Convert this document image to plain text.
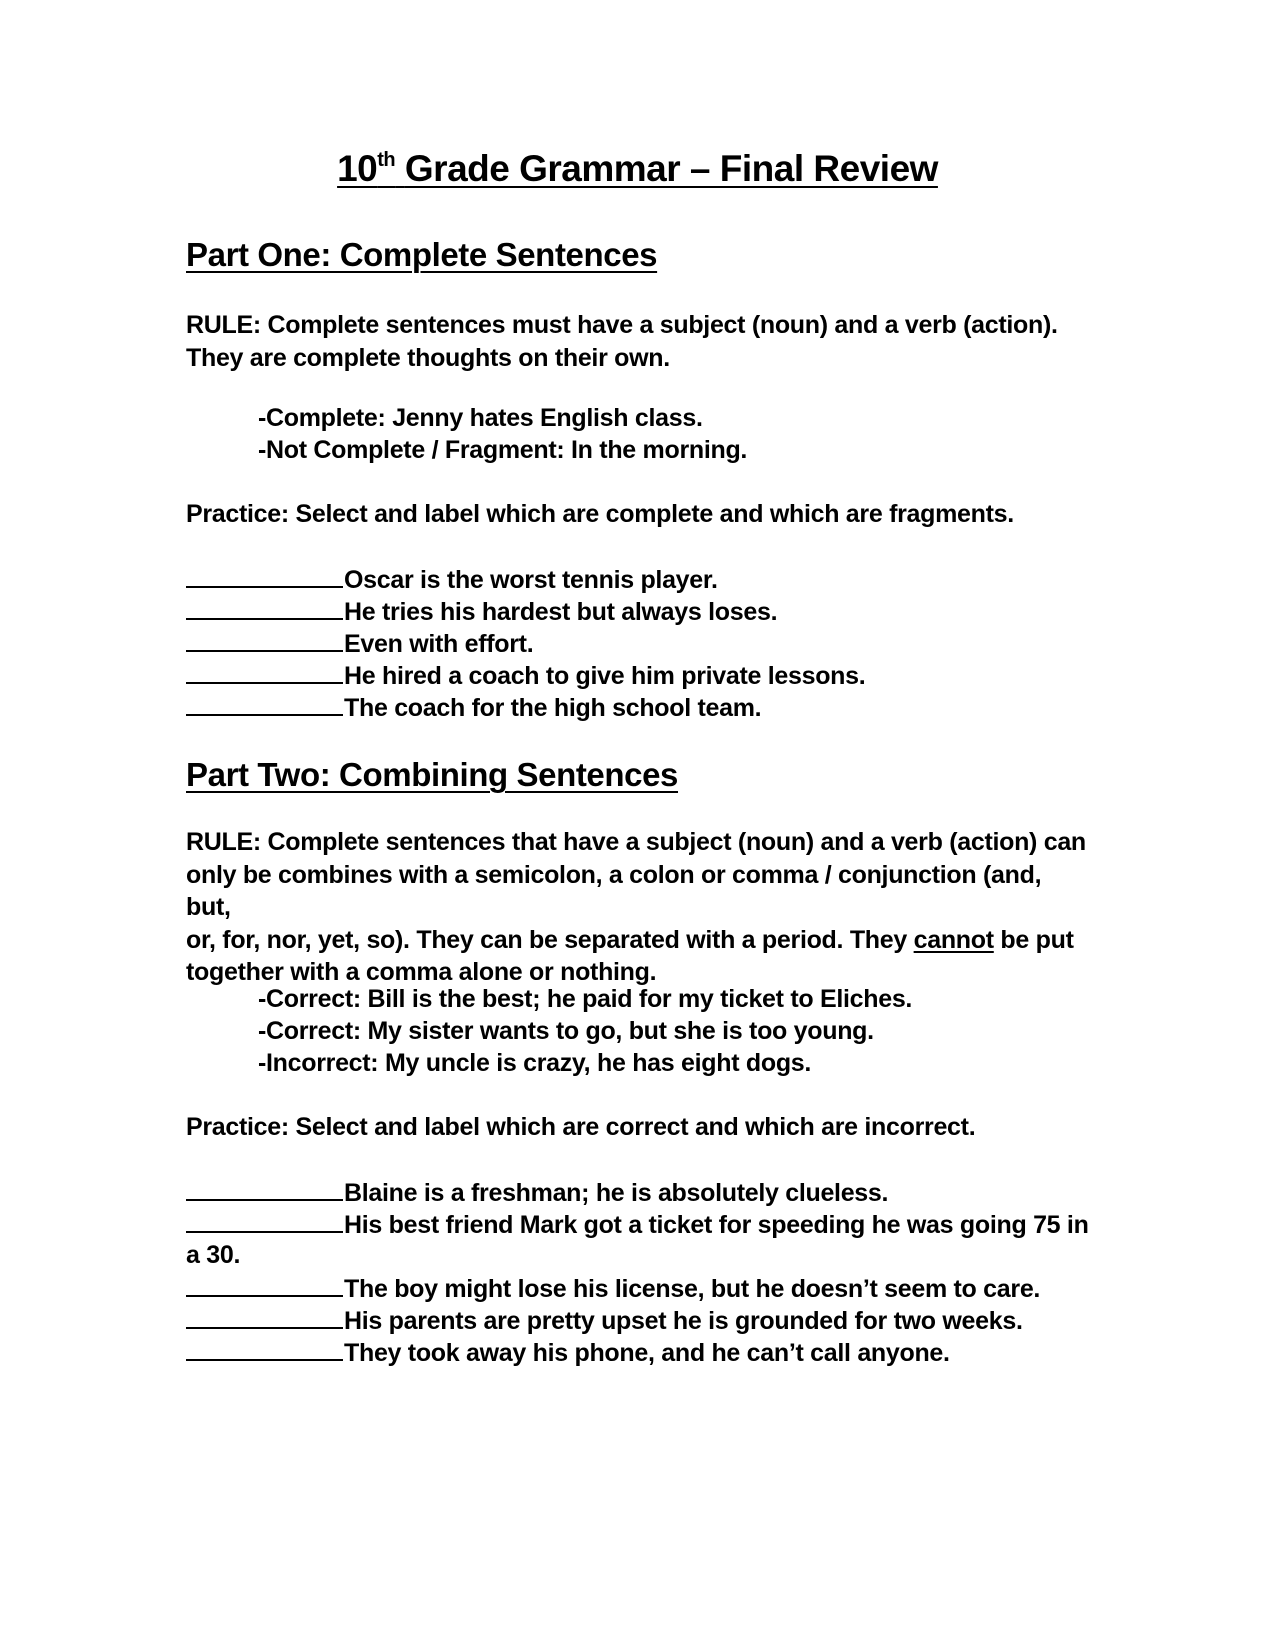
10th Grade Grammar – Final Review
Part One: Complete Sentences
RULE: Complete sentences must have a subject (noun) and a verb (action).
They are complete thoughts on their own.
-Complete: Jenny hates English class.
-Not Complete / Fragment: In the morning.
Practice: Select and label which are complete and which are fragments.
Oscar is the worst tennis player.
He tries his hardest but always loses.
Even with effort.
He hired a coach to give him private lessons.
The coach for the high school team.
Part Two: Combining Sentences
RULE: Complete sentences that have a subject (noun) and a verb (action) can
only be combines with a semicolon, a colon or comma / conjunction (and, but,
or, for, nor, yet, so). They can be separated with a period. They cannot be put
together with a comma alone or nothing.
-Correct: Bill is the best; he paid for my ticket to Eliches.
-Correct: My sister wants to go, but she is too young.
-Incorrect: My uncle is crazy, he has eight dogs.
Practice: Select and label which are correct and which are incorrect.
Blaine is a freshman; he is absolutely clueless.
His best friend Mark got a ticket for speeding he was going 75 in
a 30.
The boy might lose his license, but he doesn’t seem to care.
His parents are pretty upset he is grounded for two weeks.
They took away his phone, and he can’t call anyone.
